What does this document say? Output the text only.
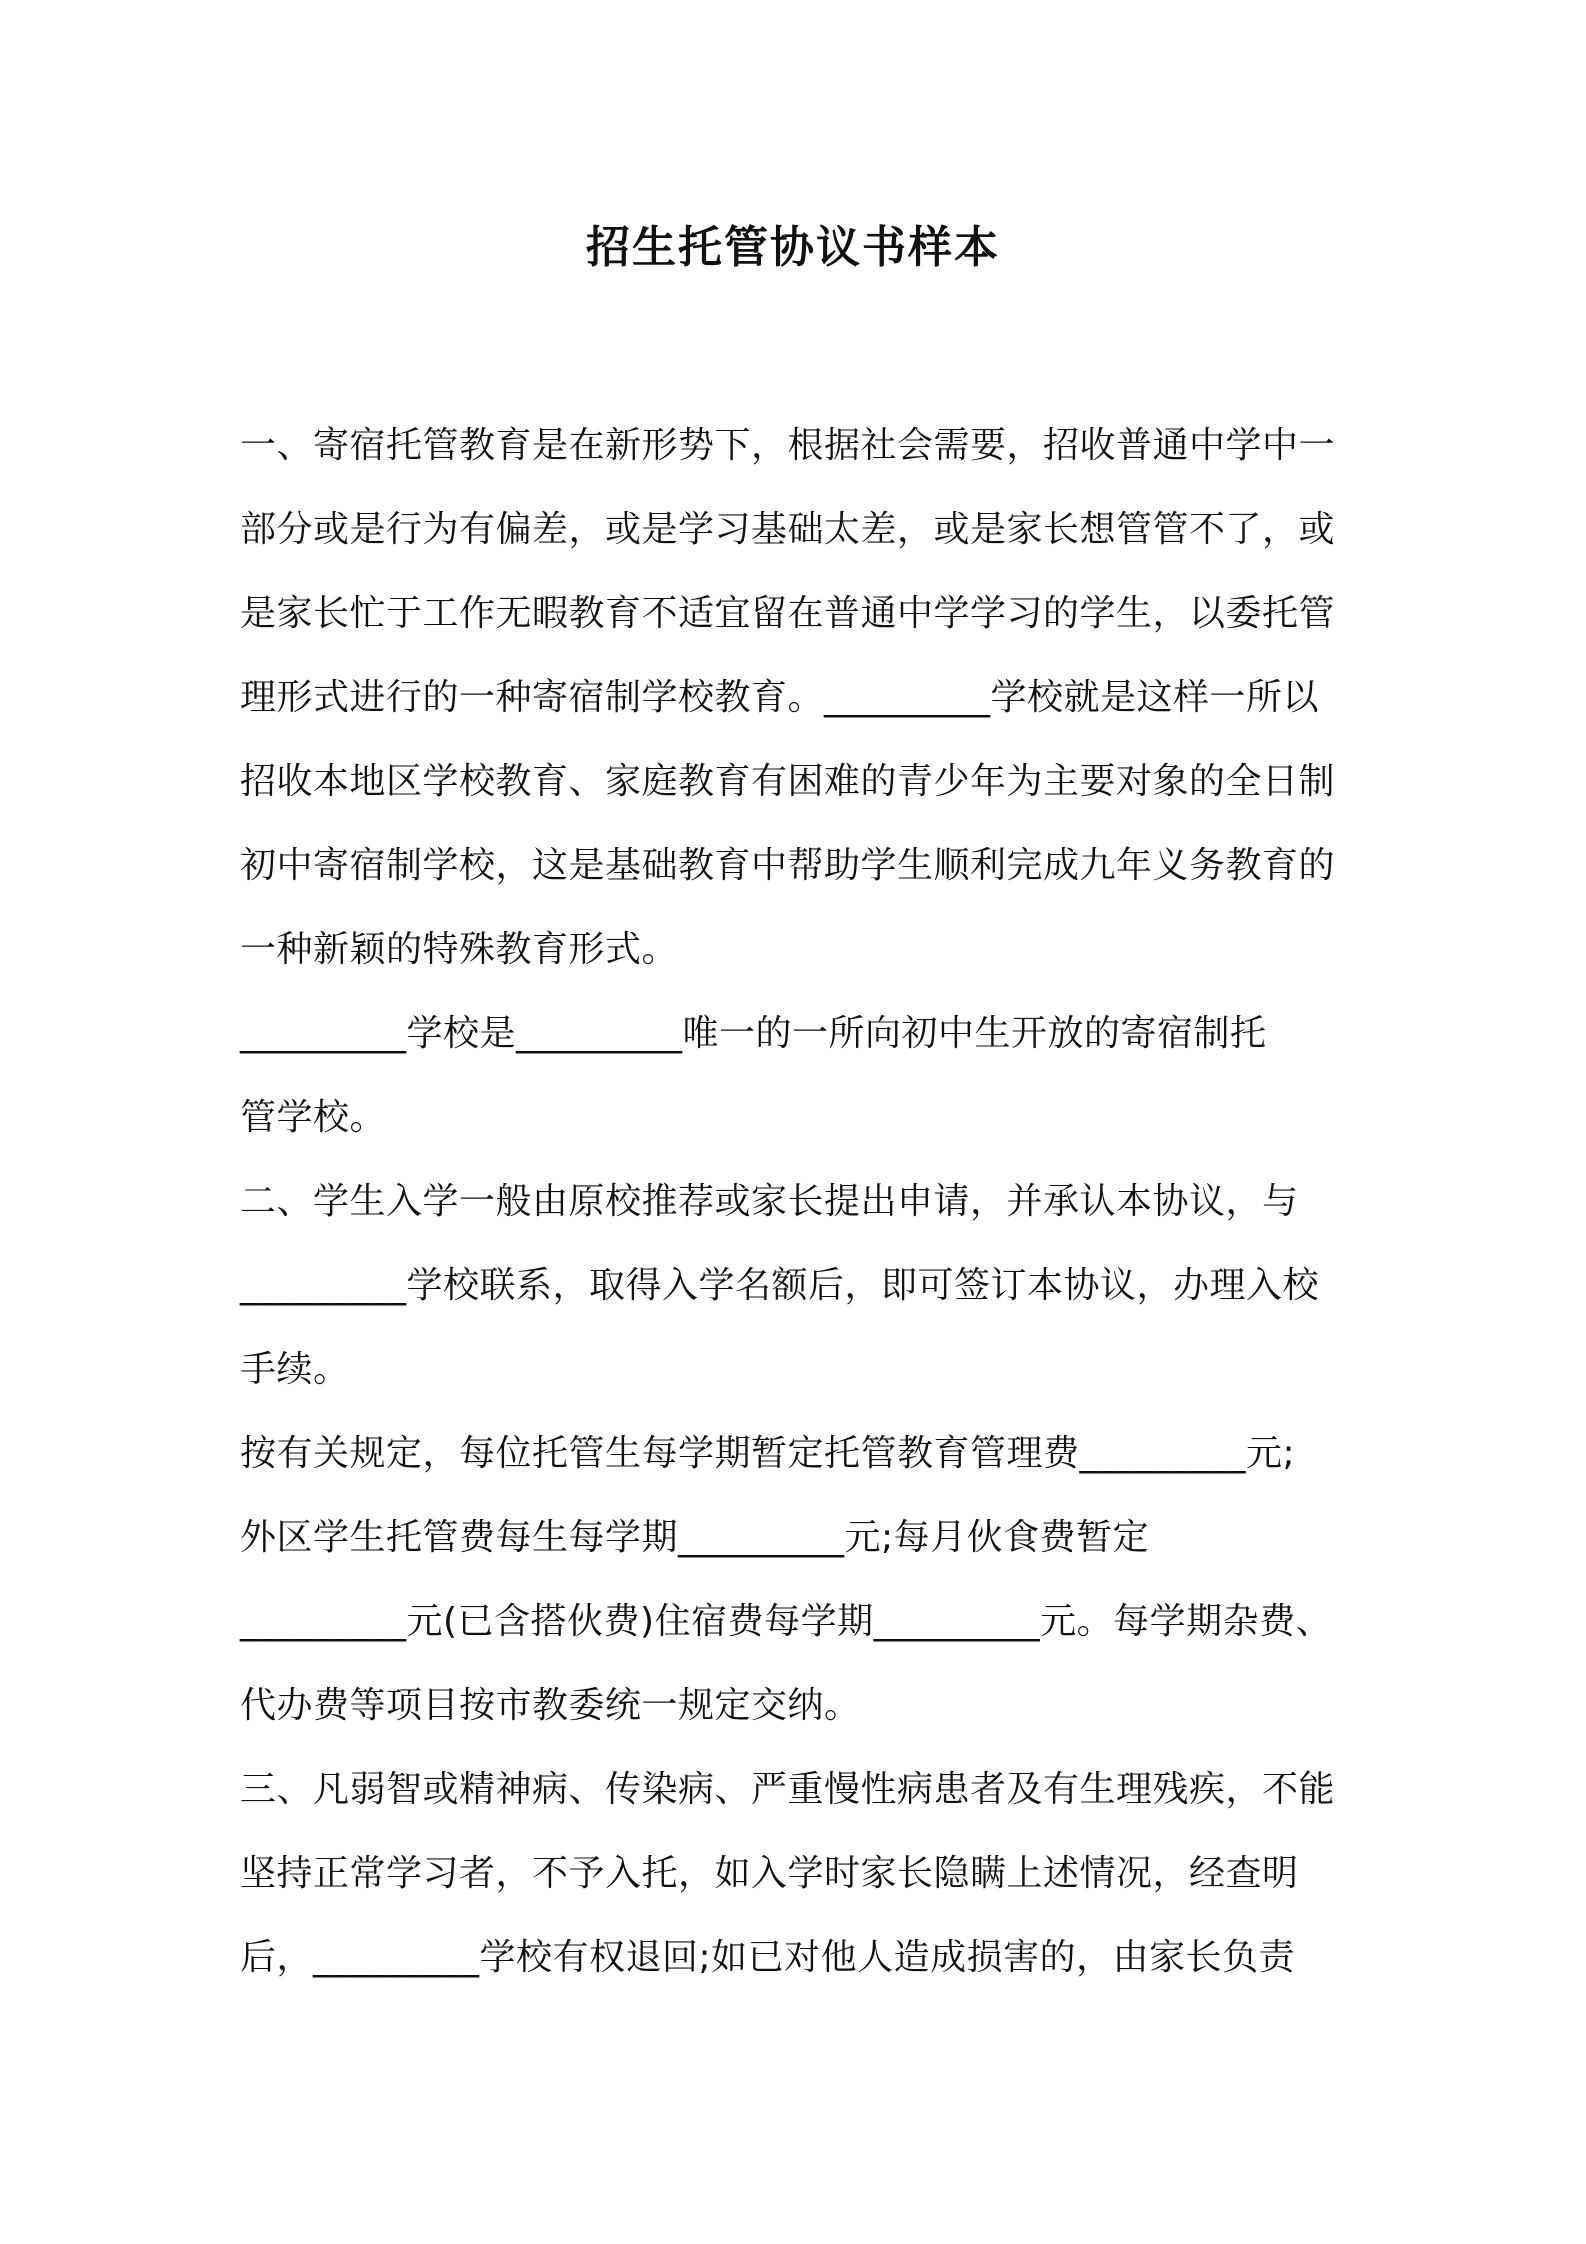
招生托管协议书样本
一、寄宿托管教育是在新形势下，根据社会需要，招收普通中学中一
部分或是行为有偏差，或是学习基础太差，或是家长想管管不了，或
是家长忙于工作无暇教育不适宜留在普通中学学习的学生，以委托管
理形式进行的一种寄宿制学校教育。_________学校就是这样一所以
招收本地区学校教育、家庭教育有困难的青少年为主要对象的全日制
初中寄宿制学校，这是基础教育中帮助学生顺利完成九年义务教育的
一种新颖的特殊教育形式。
_________学校是_________唯一的一所向初中生开放的寄宿制托
管学校。
二、学生入学一般由原校推荐或家长提出申请，并承认本协议，与
_________学校联系，取得入学名额后，即可签订本协议，办理入校
手续。
按有关规定，每位托管生每学期暂定托管教育管理费_________元;
外区学生托管费每生每学期_________元;每月伙食费暂定
_________元(已含搭伙费)住宿费每学期_________元。每学期杂费、
代办费等项目按市教委统一规定交纳。
三、凡弱智或精神病、传染病、严重慢性病患者及有生理残疾，不能
坚持正常学习者，不予入托，如入学时家长隐瞒上述情况，经查明
后，_________学校有权退回;如已对他人造成损害的，由家长负责
